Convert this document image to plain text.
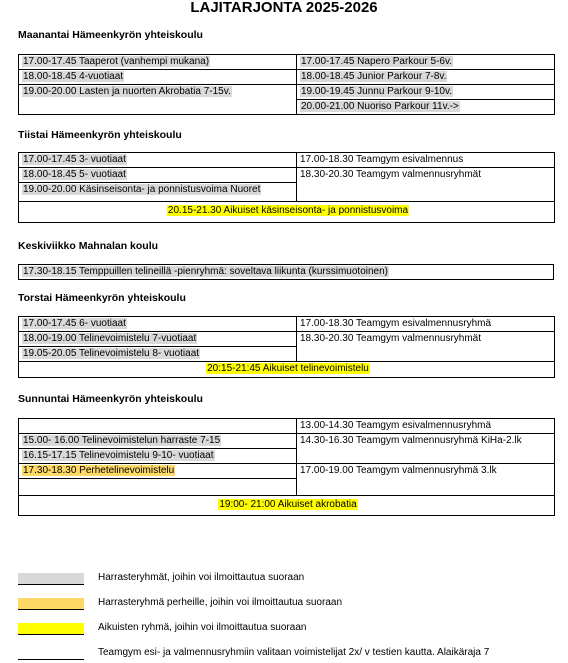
LAJITARJONTA 2025-2026
Maanantai Hämeenkyrön yhteiskoulu
17.00-17.45 Taaperot (vanhempi mukana)	17.00-17.45 Napero Parkour 5-6v.
18.00-18.45 4-vuotiaat	18.00-18.45 Junior Parkour 7-8v.
19.00-20.00 Lasten ja nuorten Akrobatia 7-15v.	19.00-19.45 Junnu Parkour 9-10v.
	20.00-21.00 Nuoriso Parkour 11v.->
Tiistai Hämeenkyrön yhteiskoulu
17.00-17.45 3- vuotiaat	17.00-18.30 Teamgym esivalmennus
18.00-18.45 5- vuotiaat	18.30-20.30 Teamgym valmennusryhmät
19.00-20.00 Käsinseisonta- ja ponnistusvoima Nuoret	
20.15-21.30 Aikuiset käsinseisonta- ja ponnistusvoima	
Keskiviikko Mahnalan koulu
17.30-18.15 Temppuillen telineillä -pienryhmä: soveltava liikunta (kurssimuotoinen)
Torstai Hämeenkyrön yhteiskoulu
17.00-17.45 6- vuotiaat	17.00-18.30 Teamgym esivalmennusryhmä
18.00-19.00 Telinevoimistelu 7-vuotiaat	18.30-20.30 Teamgym valmennusryhmät
19.05-20.05 Telinevoimistelu 8- vuotiaat	
20:15-21:45 Aikuiset telinevoimistelu	
Sunnuntai Hämeenkyrön yhteiskoulu
	13.00-14.30 Teamgym esivalmennusryhmä
15.00- 16.00 Telinevoimistelun harraste 7-15	14.30-16.30 Teamgym valmennusryhmä KiHa-2.lk
16.15-17.15 Telinevoimistelu 9-10- vuotiaat	
17.30-18.30 Perhetelinevoimistelu	17.00-19.00 Teamgym valmennusryhmä 3.lk

19:00- 21:00 Aikuiset akrobatia	
Harrasteryhmät, joihin voi ilmoittautua suoraan
Harrasteryhmä perheille, joihin voi ilmoittautua suoraan
Aikuisten ryhmä, joihin voi ilmoittautua suoraan
Teamgym esi- ja valmennusryhmiin valitaan voimistelijat 2x/ v testien kautta. Alaikäraja 7
